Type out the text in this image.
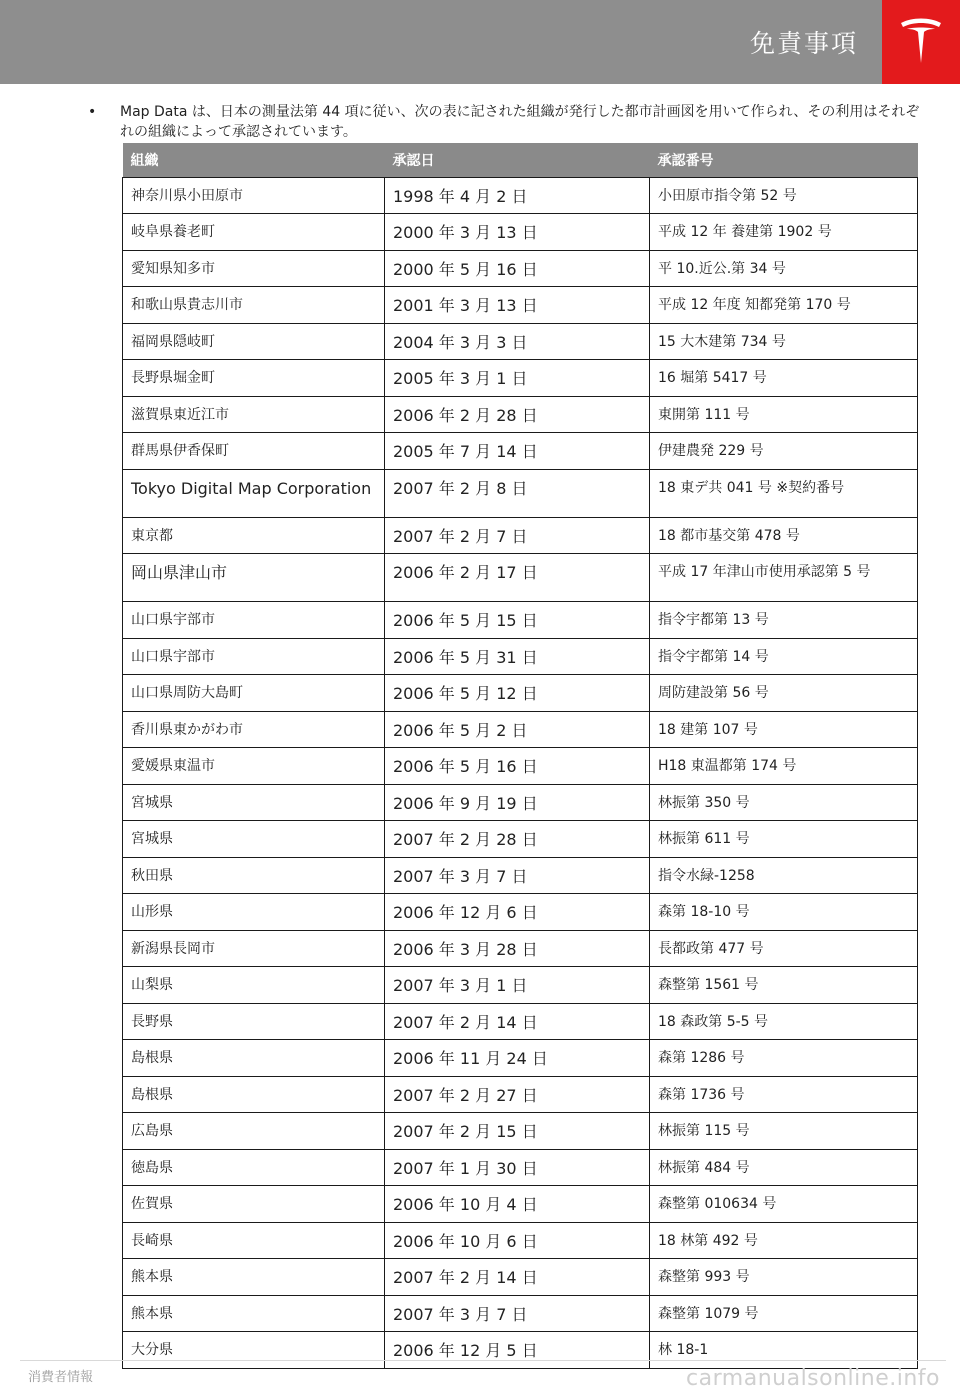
免責事項
• Map Data は、日本の測量法第 44 項に従い、次の表に記された組織が発行した都市計画図を用いて作られ、その利用はそれぞれの組織によって承認されています。
組織	承認日	承認番号
神奈川県小田原市	1998 年 4 月 2 日	小田原市指令第 52 号
岐阜県養老町	2000 年 3 月 13 日	平成 12 年 養建第 1902 号
愛知県知多市	2000 年 5 月 16 日	平 10.近公.第 34 号
和歌山県貴志川市	2001 年 3 月 13 日	平成 12 年度 知都発第 170 号
福岡県隠岐町	2004 年 3 月 3 日	15 大木建第 734 号
長野県堀金町	2005 年 3 月 1 日	16 堀第 5417 号
滋賀県東近江市	2006 年 2 月 28 日	東開第 111 号
群馬県伊香保町	2005 年 7 月 14 日	伊建農発 229 号
Tokyo Digital Map Corporation	2007 年 2 月 8 日	18 東デ共 041 号 ※契約番号
東京都	2007 年 2 月 7 日	18 都市基交第 478 号
岡山県津山市	2006 年 2 月 17 日	平成 17 年津山市使用承認第 5 号
山口県宇部市	2006 年 5 月 15 日	指令宇都第 13 号
山口県宇部市	2006 年 5 月 31 日	指令宇都第 14 号
山口県周防大島町	2006 年 5 月 12 日	周防建設第 56 号
香川県東かがわ市	2006 年 5 月 2 日	18 建第 107 号
愛媛県東温市	2006 年 5 月 16 日	H18 東温都第 174 号
宮城県	2006 年 9 月 19 日	林振第 350 号
宮城県	2007 年 2 月 28 日	林振第 611 号
秋田県	2007 年 3 月 7 日	指令水緑-1258
山形県	2006 年 12 月 6 日	森第 18-10 号
新潟県長岡市	2006 年 3 月 28 日	長都政第 477 号
山梨県	2007 年 3 月 1 日	森整第 1561 号
長野県	2007 年 2 月 14 日	18 森政第 5-5 号
島根県	2006 年 11 月 24 日	森第 1286 号
島根県	2007 年 2 月 27 日	森第 1736 号
広島県	2007 年 2 月 15 日	林振第 115 号
徳島県	2007 年 1 月 30 日	林振第 484 号
佐賀県	2006 年 10 月 4 日	森整第 010634 号
長崎県	2006 年 10 月 6 日	18 林第 492 号
熊本県	2007 年 2 月 14 日	森整第 993 号
熊本県	2007 年 3 月 7 日	森整第 1079 号
大分県	2006 年 12 月 5 日	林 18-1
消費者情報	carmanualsonline.info
